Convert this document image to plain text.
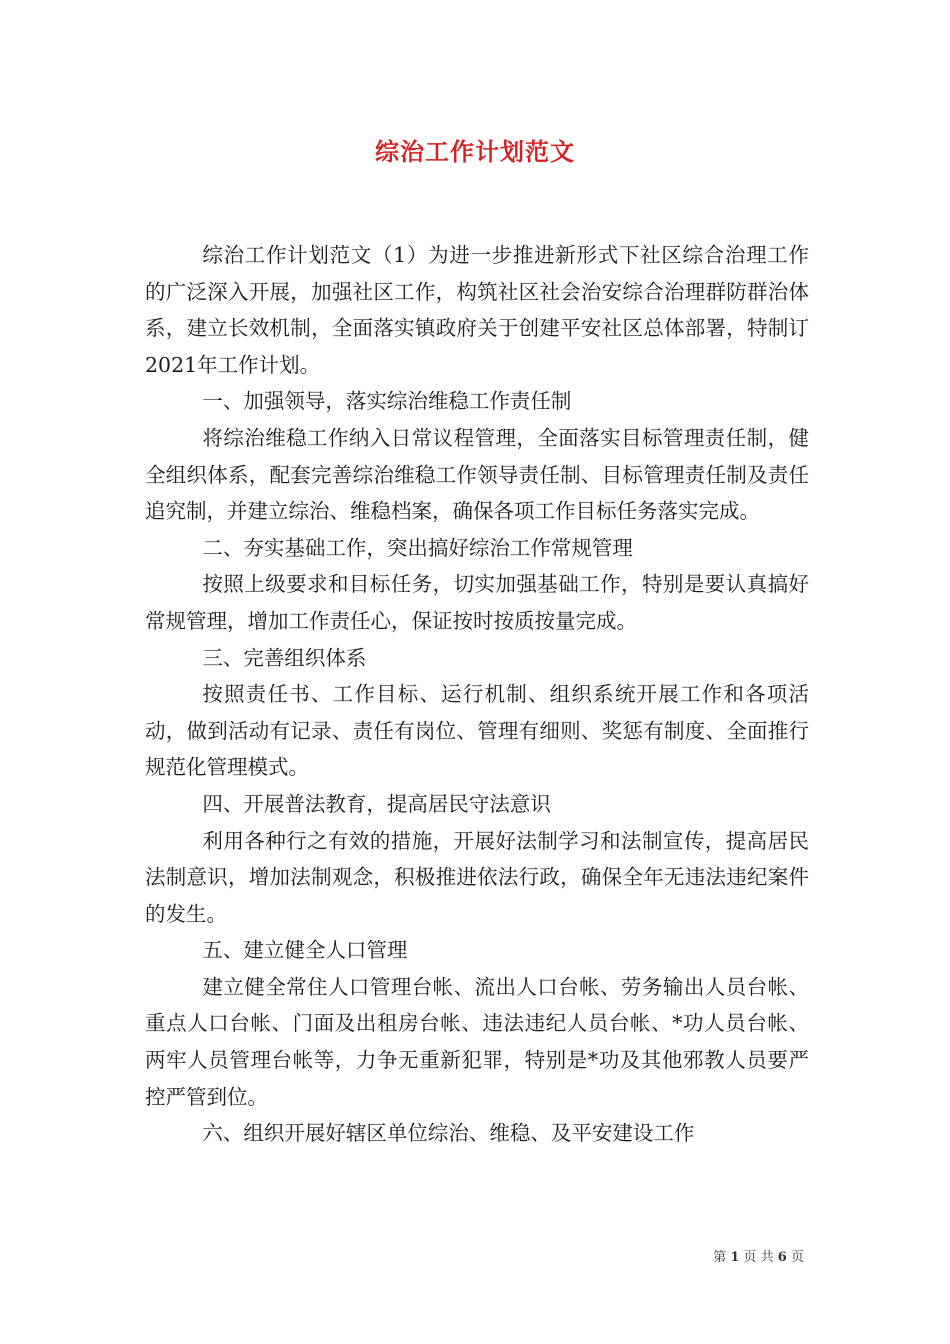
综治工作计划范文

综治工作计划范文（1）为进一步推进新形式下社区综合治理工作的广泛深入开展，加强社区工作，构筑社区社会治安综合治理群防群治体系，建立长效机制，全面落实镇政府关于创建平安社区总体部署，特制订2021年工作计划。

一、加强领导，落实综治维稳工作责任制

将综治维稳工作纳入日常议程管理，全面落实目标管理责任制，健全组织体系，配套完善综治维稳工作领导责任制、目标管理责任制及责任追究制，并建立综治、维稳档案，确保各项工作目标任务落实完成。

二、夯实基础工作，突出搞好综治工作常规管理

按照上级要求和目标任务，切实加强基础工作，特别是要认真搞好常规管理，增加工作责任心，保证按时按质按量完成。

三、完善组织体系

按照责任书、工作目标、运行机制、组织系统开展工作和各项活动，做到活动有记录、责任有岗位、管理有细则、奖惩有制度、全面推行规范化管理模式。

四、开展普法教育，提高居民守法意识

利用各种行之有效的措施，开展好法制学习和法制宣传，提高居民法制意识，增加法制观念，积极推进依法行政，确保全年无违法违纪案件的发生。

五、建立健全人口管理

建立健全常住人口管理台帐、流出人口台帐、劳务输出人员台帐、重点人口台帐、门面及出租房台帐、违法违纪人员台帐、*功人员台帐、两牢人员管理台帐等，力争无重新犯罪，特别是*功及其他邪教人员要严控严管到位。

六、组织开展好辖区单位综治、维稳、及平安建设工作

第 1 页 共 6 页
